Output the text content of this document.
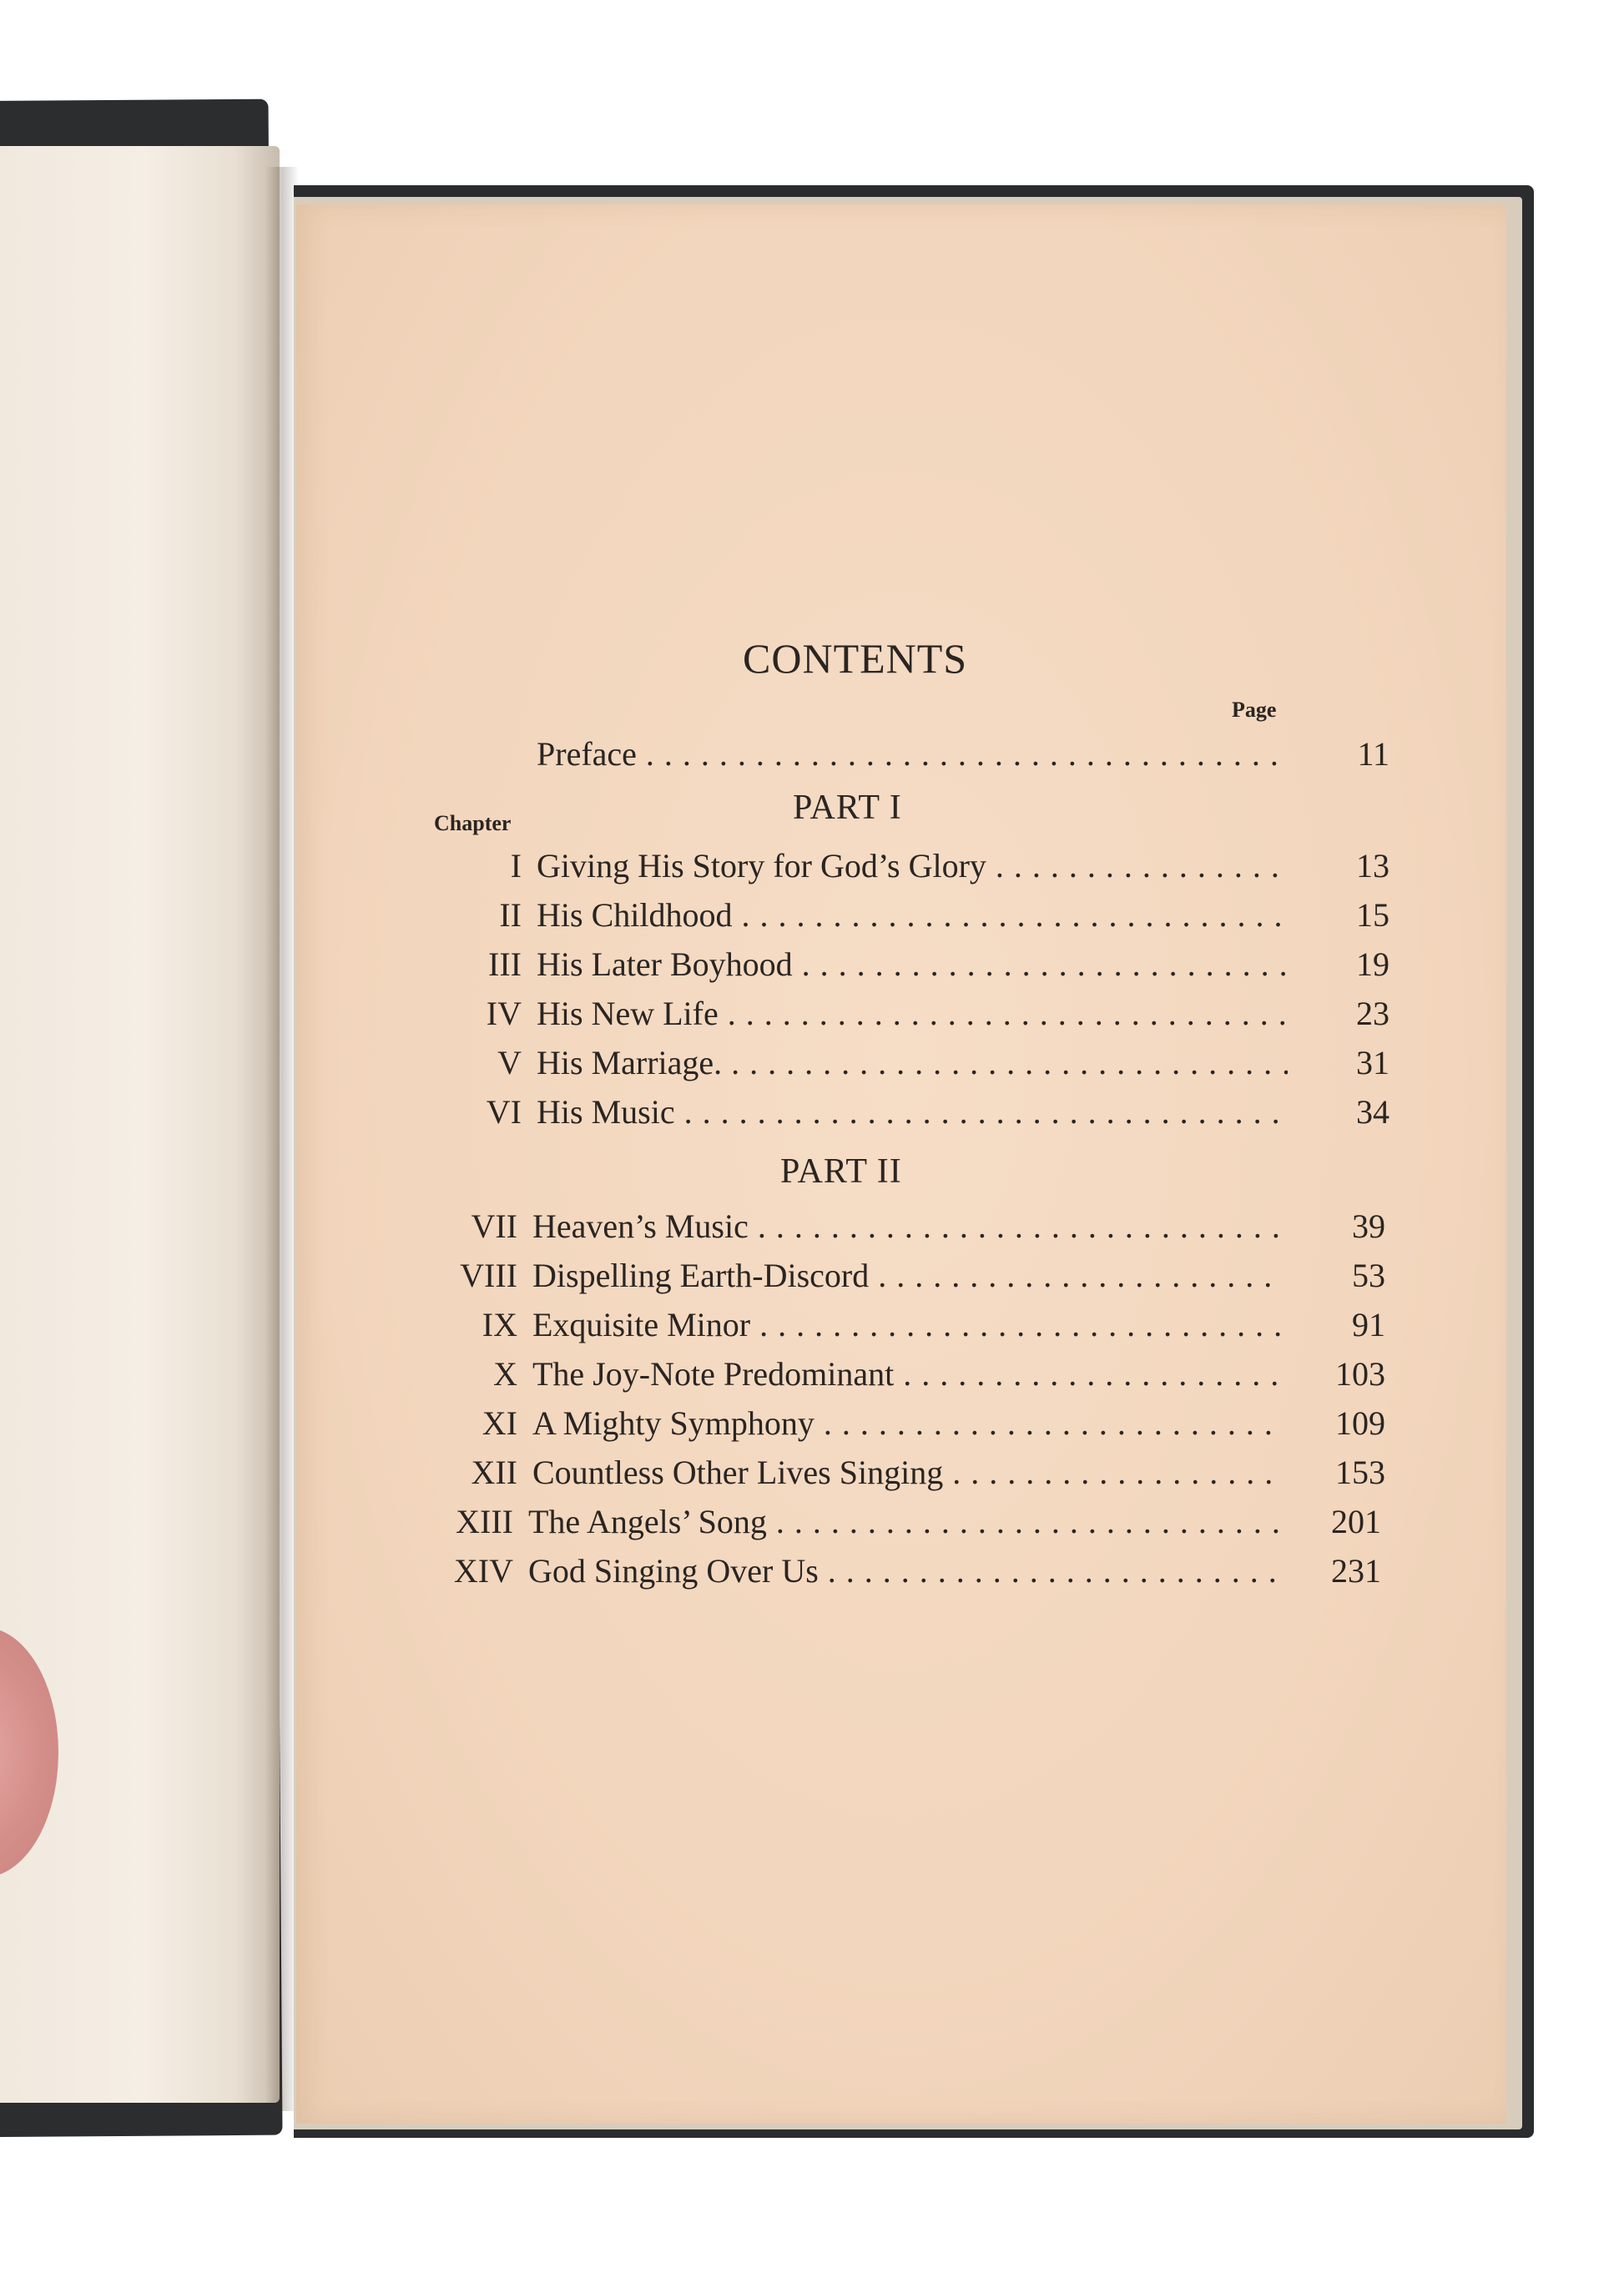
CONTENTS
Page
Preface . . .	11
PART I
Chapter
I Giving His Story for God’s Glory . . .	13
II His Childhood . . .	15
III His Later Boyhood . . .	19
IV His New Life . . .	23
V His Marriage. . . .	31
VI His Music . . .	34
PART II
VII Heaven’s Music . . .	39
VIII Dispelling Earth-Discord . . .	53
IX Exquisite Minor . . .	91
X The Joy-Note Predominant . . .	103
XI A Mighty Symphony . . .	109
XII Countless Other Lives Singing . . .	153
XIII The Angels’ Song . . .	201
XIV God Singing Over Us . . .	231
